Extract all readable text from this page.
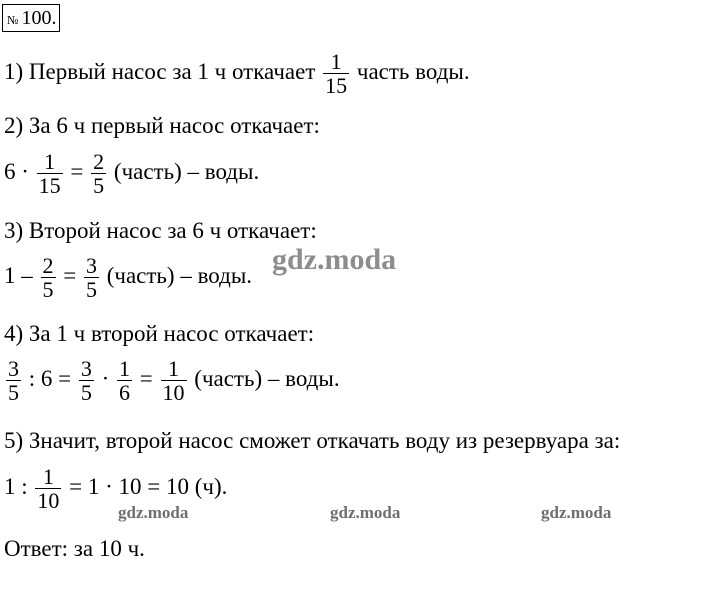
№ 100.
1) Первый насос за 1 ч откачает $\frac{1}{15}$ часть воды.
2) За 6 ч первый насос откачает:
$6 \cdot \frac{1}{15} = \frac{2}{5}$ (часть) – воды.
3) Второй насос за 6 ч откачает:
$1 - \frac{2}{5} = \frac{3}{5}$ (часть) – воды.
4) За 1 ч второй насос откачает:
$\frac{3}{5}$ : $6 = \frac{3}{5} \cdot \frac{1}{6} = \frac{1}{10}$ (часть) – воды.
5) Значит, второй насос сможет откачать воду из резервуара за:
1 : $\frac{1}{10} = 1 \cdot 10 = 10$ (ч).
Ответ: за 10 ч.
gdz.moda
gdz.moda	gdz.moda	gdz.moda
